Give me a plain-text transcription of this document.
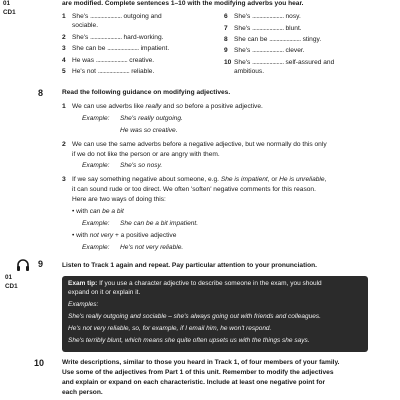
01
CD1
are modified. Complete sentences 1–10 with the modifying adverbs you hear.
1 She's ...................... outgoing and
sociable.
2 She's ...................... hard-working.
3 She can be ...................... impatient.
4 He was ...................... creative.
5 He's not ...................... reliable.
6 She's ...................... nosy.
7 She's ...................... blunt.
8 She can be ...................... stingy.
9 She's ...................... clever.
10 She's ...................... self-assured and
ambitious.
8	Read the following guidance on modifying adjectives.
1 We can use adverbs like really and so before a positive adjective.
Example: She's really outgoing.
He was so creative.
2 We can use the same adverbs before a negative adjective, but we normally do this only
if we do not like the person or are angry with them.
Example: She's so nosy.
3 If we say something negative about someone, e.g. She is impatient, or He is unreliable,
it can sound rude or too direct. We often 'soften' negative comments for this reason.
Here are two ways of doing this:
• with can be a bit
Example: She can be a bit impatient.
• with not very + a positive adjective
Example: He's not very reliable.
9
01
CD1
Listen to Track 1 again and repeat. Pay particular attention to your pronunciation.
Exam tip: If you use a character adjective to describe someone in the exam, you should
expand on it or explain it.
Examples:
She's really outgoing and sociable – she's always going out with friends and colleagues.
He's not very reliable, so, for example, if I email him, he won't respond.
She's terribly blunt, which means she quite often upsets us with the things she says.
10	Write descriptions, similar to those you heard in Track 1, of four members of your family.
Use some of the adjectives from Part 1 of this unit. Remember to modify the adjectives
and explain or expand on each characteristic. Include at least one negative point for
each person.
